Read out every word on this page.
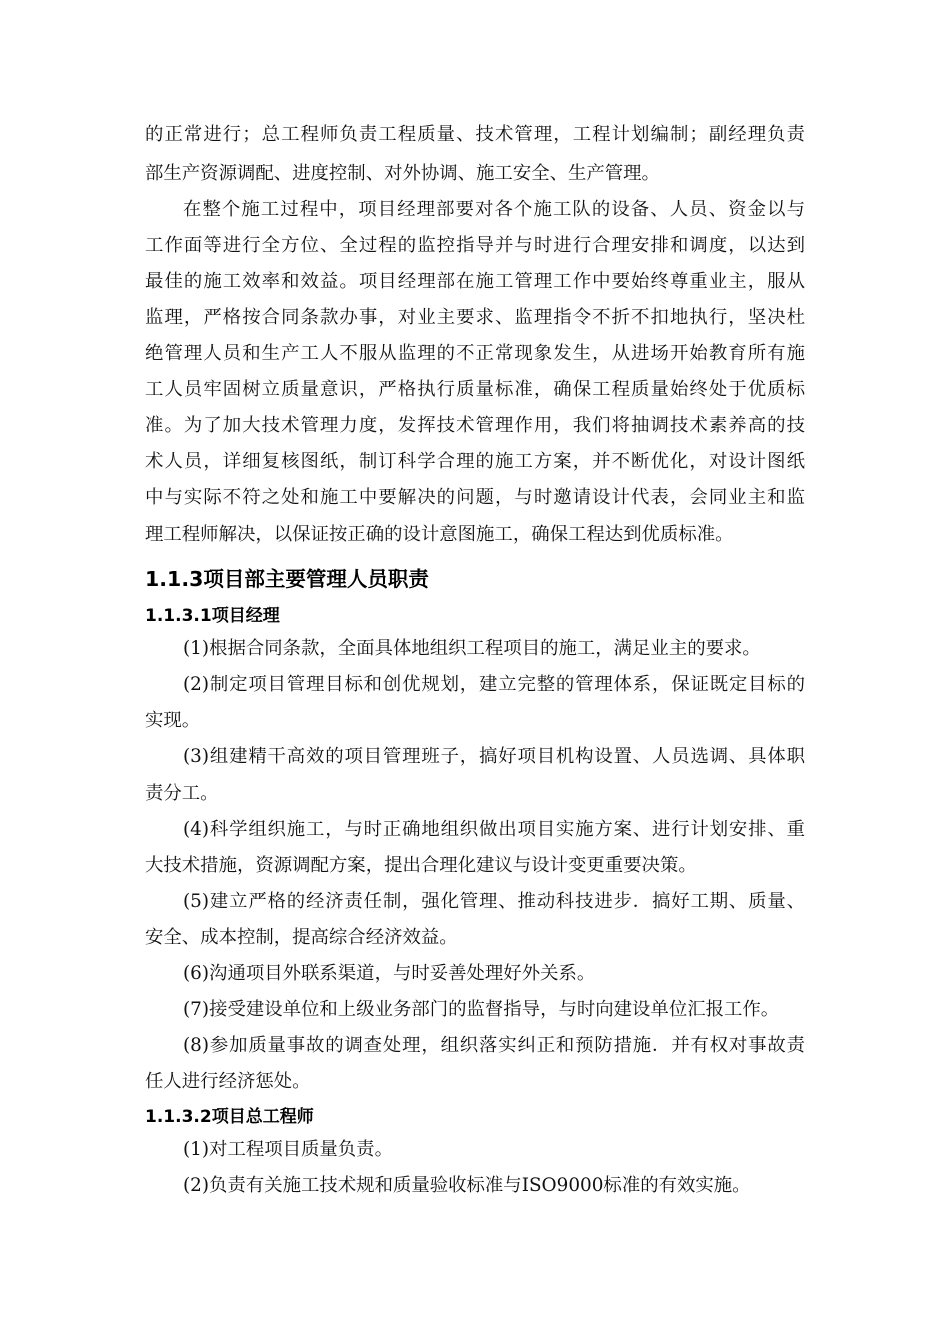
的正常进行；总工程师负责工程质量、技术管理，工程计划编制；副经理负责
部生产资源调配、进度控制、对外协调、施工安全、生产管理。
在整个施工过程中，项目经理部要对各个施工队的设备、人员、资金以与
工作面等进行全方位、全过程的监控指导并与时进行合理安排和调度，以达到
最佳的施工效率和效益。项目经理部在施工管理工作中要始终尊重业主，服从
监理，严格按合同条款办事，对业主要求、监理指令不折不扣地执行，坚决杜
绝管理人员和生产工人不服从监理的不正常现象发生，从进场开始教育所有施
工人员牢固树立质量意识，严格执行质量标准，确保工程质量始终处于优质标
准。为了加大技术管理力度，发挥技术管理作用，我们将抽调技术素养高的技
术人员，详细复核图纸，制订科学合理的施工方案，并不断优化，对设计图纸
中与实际不符之处和施工中要解决的问题，与时邀请设计代表，会同业主和监
理工程师解决，以保证按正确的设计意图施工，确保工程达到优质标准。
1.1.3项目部主要管理人员职责
1.1.3.1项目经理
(1)根据合同条款，全面具体地组织工程项目的施工，满足业主的要求。
(2)制定项目管理目标和创优规划，建立完整的管理体系，保证既定目标的
实现。
(3)组建精干高效的项目管理班子，搞好项目机构设置、人员选调、具体职
责分工。
(4)科学组织施工，与时正确地组织做出项目实施方案、进行计划安排、重
大技术措施，资源调配方案，提出合理化建议与设计变更重要决策。
(5)建立严格的经济责任制，强化管理、推动科技进步．搞好工期、质量、
安全、成本控制，提高综合经济效益。
(6)沟通项目外联系渠道，与时妥善处理好外关系。
(7)接受建设单位和上级业务部门的监督指导，与时向建设单位汇报工作。
(8)参加质量事故的调查处理，组织落实纠正和预防措施．并有权对事故责
任人进行经济惩处。
1.1.3.2项目总工程师
(1)对工程项目质量负责。
(2)负责有关施工技术规和质量验收标准与ISO9000标准的有效实施。
